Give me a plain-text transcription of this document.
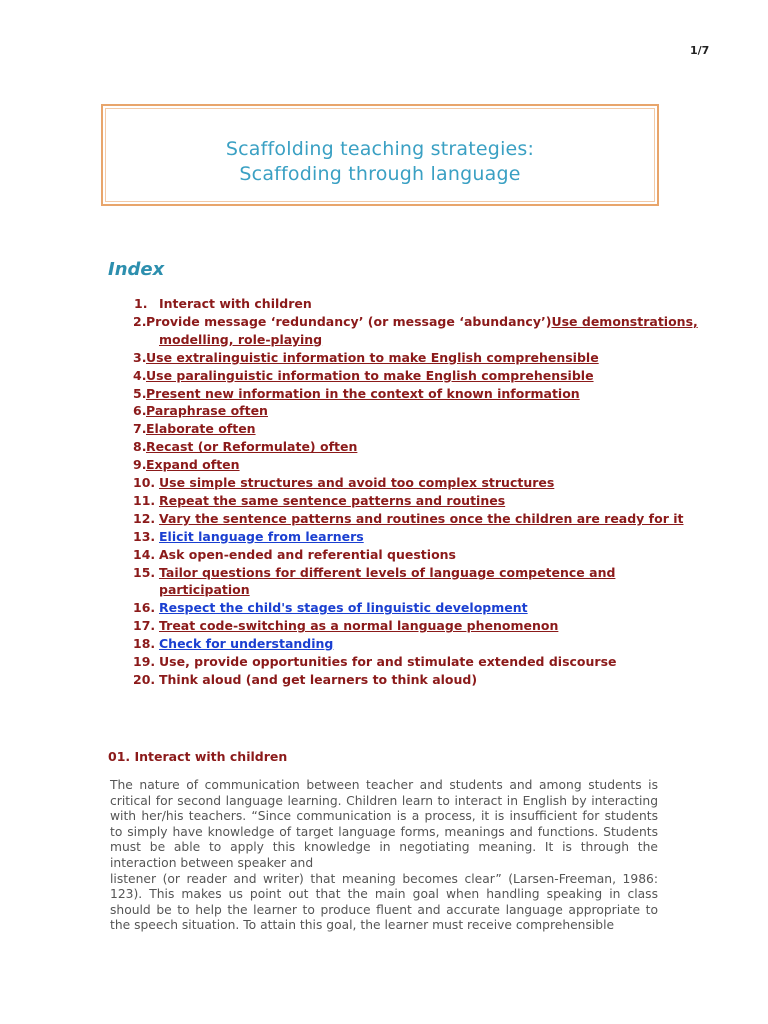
1/7
Scaffolding teaching strategies:
Scaffoding through language
Index
1. Interact with children
2. Provide message ‘redundancy’ (or message ‘abundancy’)Use demonstrations,
modelling, role-playing
3. Use extralinguistic information to make English comprehensible
4. Use paralinguistic information to make English comprehensible
5. Present new information in the context of known information
6. Paraphrase often
7. Elaborate often
8. Recast (or Reformulate) often
9. Expand often
10. Use simple structures and avoid too complex structures
11. Repeat the same sentence patterns and routines
12. Vary the sentence patterns and routines once the children are ready for it
13. Elicit language from learners
14. Ask open-ended and referential questions
15. Tailor questions for different levels of language competence and
participation
16. Respect the child's stages of linguistic development
17. Treat code-switching as a normal language phenomenon
18. Check for understanding
19. Use, provide opportunities for and stimulate extended discourse
20. Think aloud (and get learners to think aloud)
01. Interact with children

The nature of communication between teacher and students and among students is critical for second language learning. Children learn to interact in English by interacting with her/his teachers. “Since communication is a process, it is insufficient for students to simply have knowledge of target language forms, meanings and functions. Students must be able to apply this knowledge in negotiating meaning. It is through the interaction between speaker and

listener (or reader and writer) that meaning becomes clear” (Larsen-Freeman, 1986: 123). This makes us point out that the main goal when handling speaking in class should be to help the learner to produce fluent and accurate language appropriate to the speech situation. To attain this goal, the learner must receive comprehensible
